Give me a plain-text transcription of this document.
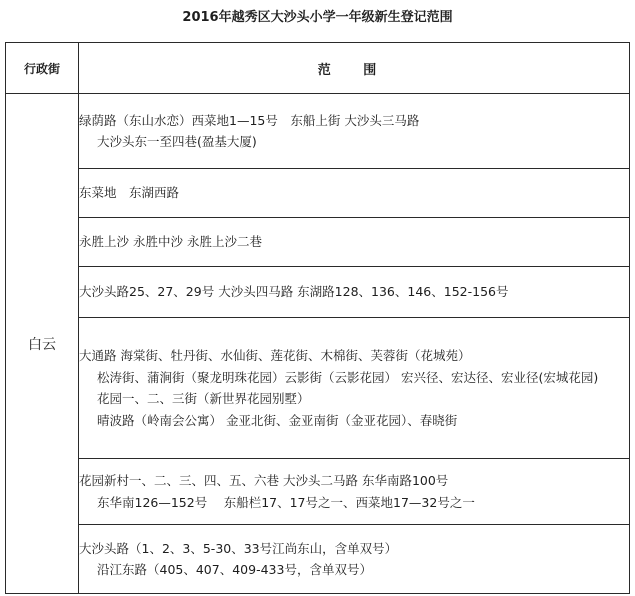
2016年越秀区大沙头小学一年级新生登记范围
行政街	范 围
白云	绿荫路（东山水恋）西菜地1—15号　东船上街 大沙头三马路
大沙头东一至四巷(盈基大厦)

	东菜地　东湖西路

	永胜上沙 永胜中沙 永胜上沙二巷

	大沙头路25、27、29号 大沙头四马路 东湖路128、136、146、152-156号

	大通路 海棠街、牡丹街、水仙街、莲花街、木棉街、芙蓉街（花城苑）
松涛街、蒲涧街（聚龙明珠花园）云影街（云影花园） 宏兴径、宏达径、宏业径(宏城花园)
花园一、二、三街（新世界花园别墅）
晴波路（岭南会公寓） 金亚北街、金亚南街（金亚花园）、春晓街

	花园新村一、二、三、四、五、六巷 大沙头二马路 东华南路100号
东华南126—152号　 东船栏17、17号之一、西菜地17—32号之一

	大沙头路（1、2、3、5-30、33号江尚东山，含单双号）
沿江东路（405、407、409-433号，含单双号）
